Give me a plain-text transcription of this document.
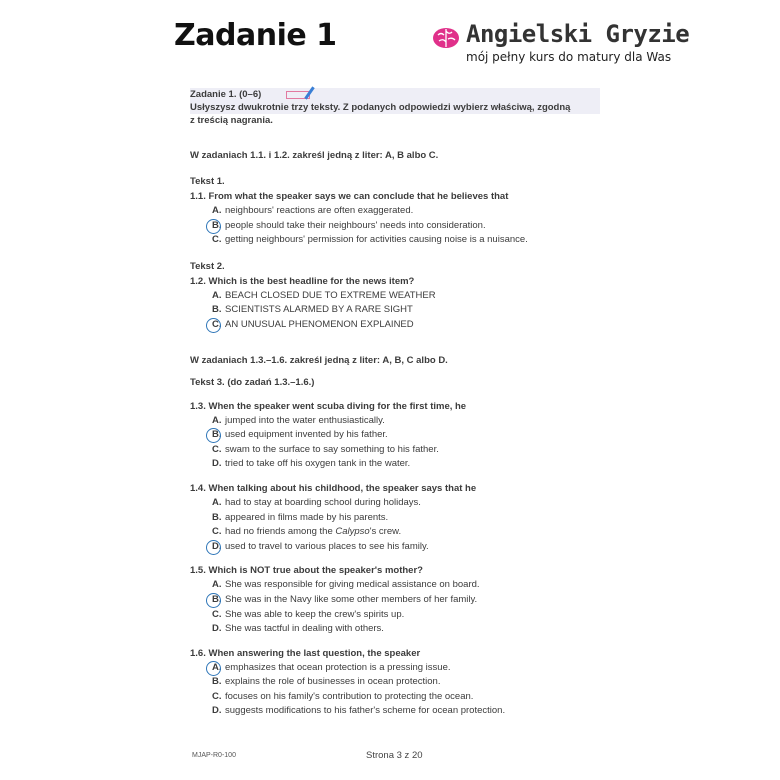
Zadanie 1	Angielski Gryzie
mój pełny kurs do matury dla Was
Zadanie 1. (0–6)
Usłyszysz dwukrotnie trzy teksty. Z podanych odpowiedzi wybierz właściwą, zgodną
z treścią nagrania.
W zadaniach 1.1. i 1.2. zakreśl jedną z liter: A, B albo C.
Tekst 1.
1.1. From what the speaker says we can conclude that he believes that
A. neighbours' reactions are often exaggerated.
B. people should take their neighbours' needs into consideration.
C. getting neighbours' permission for activities causing noise is a nuisance.
Tekst 2.
1.2. Which is the best headline for the news item?
A. BEACH CLOSED DUE TO EXTREME WEATHER
B. SCIENTISTS ALARMED BY A RARE SIGHT
C. AN UNUSUAL PHENOMENON EXPLAINED
W zadaniach 1.3.–1.6. zakreśl jedną z liter: A, B, C albo D.
Tekst 3. (do zadań 1.3.–1.6.)
1.3. When the speaker went scuba diving for the first time, he
A. jumped into the water enthusiastically.
B. used equipment invented by his father.
C. swam to the surface to say something to his father.
D. tried to take off his oxygen tank in the water.
1.4. When talking about his childhood, the speaker says that he
A. had to stay at boarding school during holidays.
B. appeared in films made by his parents.
C. had no friends among the Calypso's crew.
D. used to travel to various places to see his family.
1.5. Which is NOT true about the speaker's mother?
A. She was responsible for giving medical assistance on board.
B. She was in the Navy like some other members of her family.
C. She was able to keep the crew's spirits up.
D. She was tactful in dealing with others.
1.6. When answering the last question, the speaker
A. emphasizes that ocean protection is a pressing issue.
B. explains the role of businesses in ocean protection.
C. focuses on his family's contribution to protecting the ocean.
D. suggests modifications to his father's scheme for ocean protection.
MJAP-R0-100	Strona 3 z 20
